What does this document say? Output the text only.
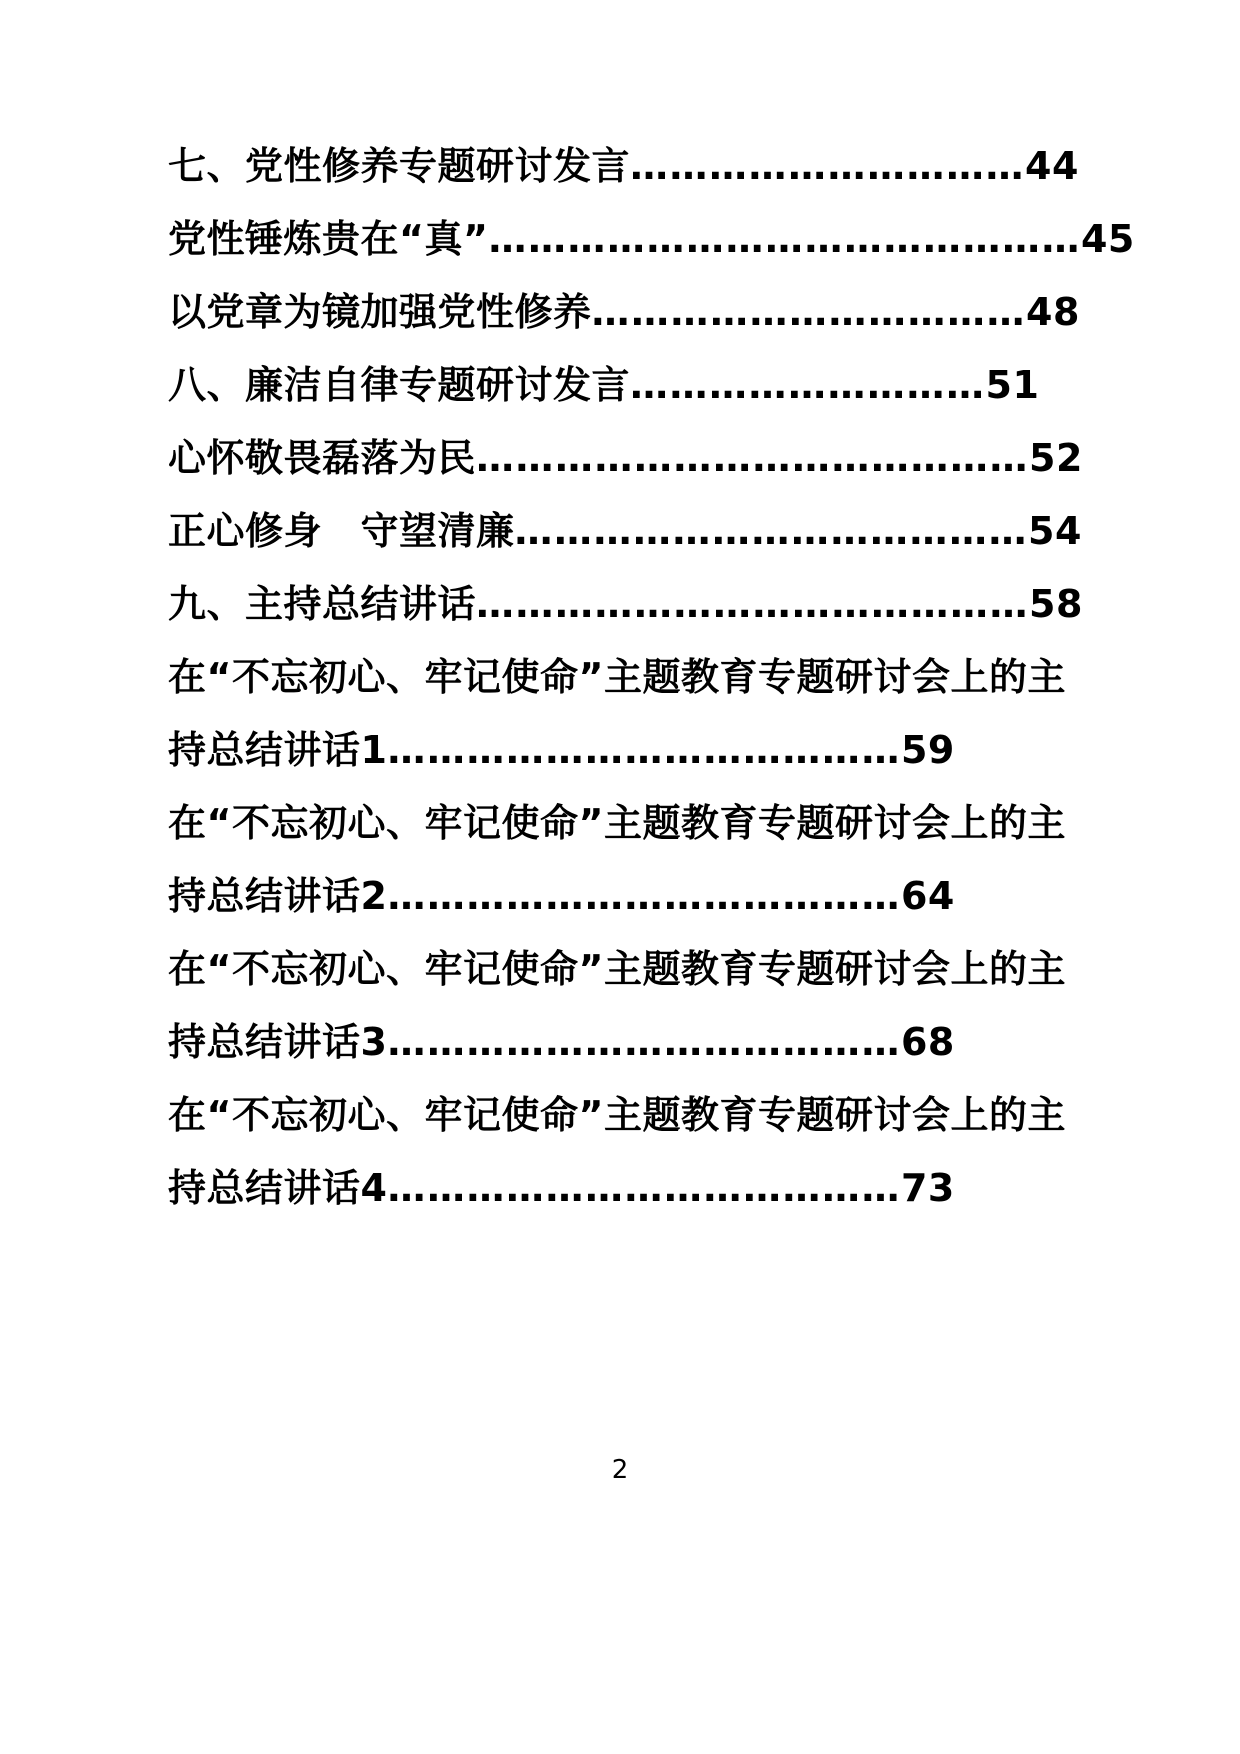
七、党性修养专题研讨发言…………………………44
党性锤炼贵在“真”………………………………………45
以党章为镜加强党性修养……………………………48
八、廉洁自律专题研讨发言………………………51
心怀敬畏磊落为民……………………………………52
正心修身　守望清廉…………………………………54
九、主持总结讲话……………………………………58
在“不忘初心、牢记使命”主题教育专题研讨会上的主持总结讲话1…………………………………59
在“不忘初心、牢记使命”主题教育专题研讨会上的主持总结讲话2…………………………………64
在“不忘初心、牢记使命”主题教育专题研讨会上的主持总结讲话3…………………………………68
在“不忘初心、牢记使命”主题教育专题研讨会上的主持总结讲话4…………………………………73
2
